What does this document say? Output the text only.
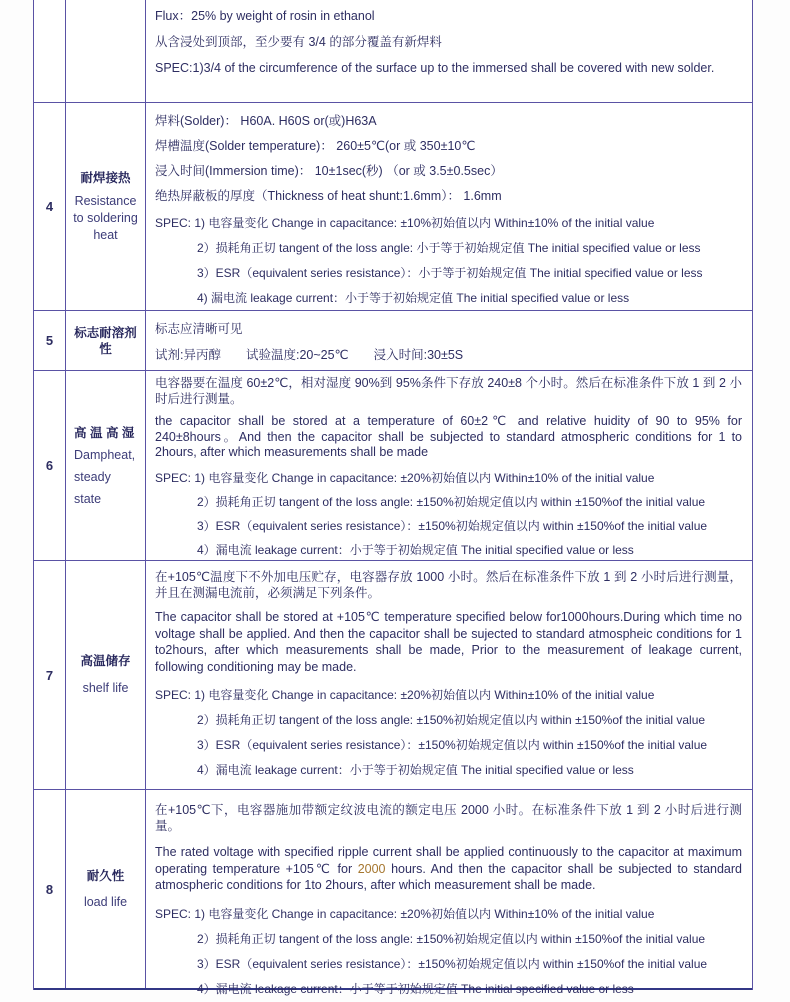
Flux：25% by weight of rosin in ethanol
从含浸处到顶部，至少要有 3/4 的部分覆盖有新焊料
SPEC:1)3/4 of the circumference of the surface up to the immersed shall be covered with new solder.
4
耐焊接热
Resistance to soldering heat
焊料(Solder)： H60A. H60S or(或)H63A
焊槽温度(Solder temperature)： 260±5℃(or 或 350±10℃
浸入时间(Immersion time)： 10±1sec(秒) （or 或 3.5±0.5sec）
绝热屏蔽板的厚度（Thickness of heat shunt:1.6mm）： 1.6mm
SPEC: 1) 电容量变化 Change in capacitance: ±10%初始值以内 Within±10% of the initial value
2）损耗角正切 tangent of the loss angle: 小于等于初始规定值 The initial specified value or less
3）ESR（equivalent series resistance）：小于等于初始规定值 The initial specified value or less
4) 漏电流 leakage current：小于等于初始规定值 The initial specified value or less
5
标志耐溶剂
性
标志应清晰可见
试剂:异丙醇　　试验温度:20~25℃　　浸入时间:30±5S
6
高 温 高 湿
Dampheat,
steady
state
电容器要在温度 60±2℃，相对湿度 90%到 95%条件下存放 240±8 个小时。然后在标准条件下放 1 到 2 小时后进行测量。
the capacitor shall be stored at a temperature of 60±2℃ and relative huidity of 90 to 95% for 240±8hours。And then the capacitor shall be subjected to standard atmospheric conditions for 1 to 2hours, after which measurements shall be made
SPEC: 1) 电容量变化 Change in capacitance: ±20%初始值以内 Within±10% of the initial value
2）损耗角正切 tangent of the loss angle: ±150%初始规定值以内 within ±150%of the initial value
3）ESR（equivalent series resistance）：±150%初始规定值以内 within ±150%of the initial value
4）漏电流 leakage current：小于等于初始规定值 The initial specified value or less
7
高温储存
shelf life
在+105℃温度下不外加电压贮存，电容器存放 1000 小时。然后在标准条件下放 1 到 2 小时后进行测量，并且在测漏电流前，必须满足下列条件。
The capacitor shall be stored at +105℃ temperature specified below for1000hours.During which time no voltage shall be applied. And then the capacitor shall be sujected to standard atmospheic conditions for 1 to2hours, after which measurements shall be made, Prior to the measurement of leakage current, following conditioning may be made.
SPEC: 1) 电容量变化 Change in capacitance: ±20%初始值以内 Within±10% of the initial value
2）损耗角正切 tangent of the loss angle: ±150%初始规定值以内 within ±150%of the initial value
3）ESR（equivalent series resistance）：±150%初始规定值以内 within ±150%of the initial value
4）漏电流 leakage current：小于等于初始规定值 The initial specified value or less
8
耐久性
load life
在+105℃下，电容器施加带额定纹波电流的额定电压 2000 小时。在标准条件下放 1 到 2 小时后进行测量。
The rated voltage with specified ripple current shall be applied continuously to the capacitor at maximum operating temperature +105℃ for 2000 hours. And then the capacitor shall be subjected to standard atmospheric conditions for 1to 2hours, after which measurement shall be made.
SPEC: 1) 电容量变化 Change in capacitance: ±20%初始值以内 Within±10% of the initial value
2）损耗角正切 tangent of the loss angle: ±150%初始规定值以内 within ±150%of the initial value
3）ESR（equivalent series resistance）：±150%初始规定值以内 within ±150%of the initial value
4）漏电流 leakage current：小于等于初始规定值 The initial specified value or less
